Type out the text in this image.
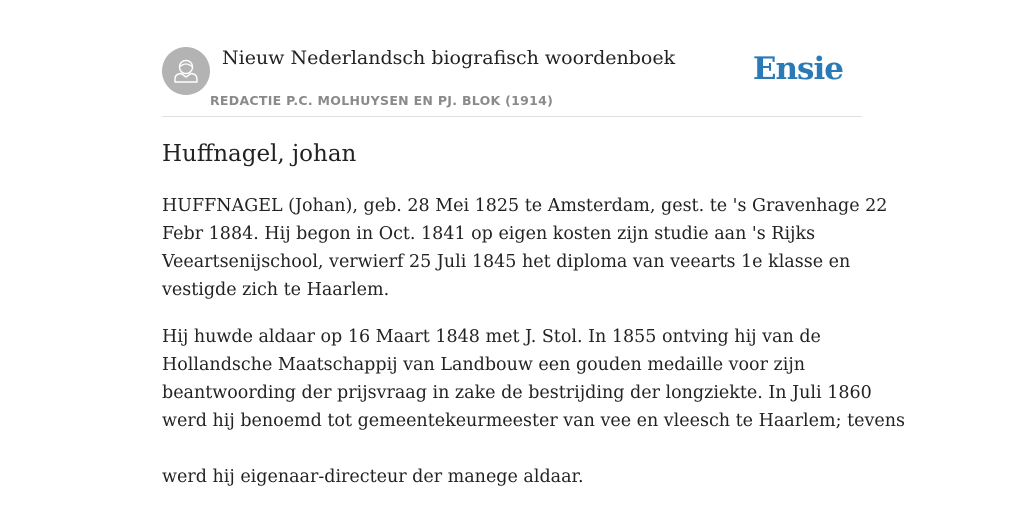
Nieuw Nederlandsch biografisch woordenboek
REDACTIE P.C. MOLHUYSEN EN PJ. BLOK (1914)
Ensie
Huffnagel, johan

HUFFNAGEL (Johan), geb. 28 Mei 1825 te Amsterdam, gest. te 's Gravenhage 22
Febr 1884. Hij begon in Oct. 1841 op eigen kosten zijn studie aan 's Rijks
Veeartsenijschool, verwierf 25 Juli 1845 het diploma van veearts 1e klasse en
vestigde zich te Haarlem.

Hij huwde aldaar op 16 Maart 1848 met J. Stol. In 1855 ontving hij van de
Hollandsche Maatschappij van Landbouw een gouden medaille voor zijn
beantwoording der prijsvraag in zake de bestrijding der longziekte. In Juli 1860
werd hij benoemd tot gemeentekeurmeester van vee en vleesch te Haarlem; tevens
werd hij eigenaar-directeur der manege aldaar.
